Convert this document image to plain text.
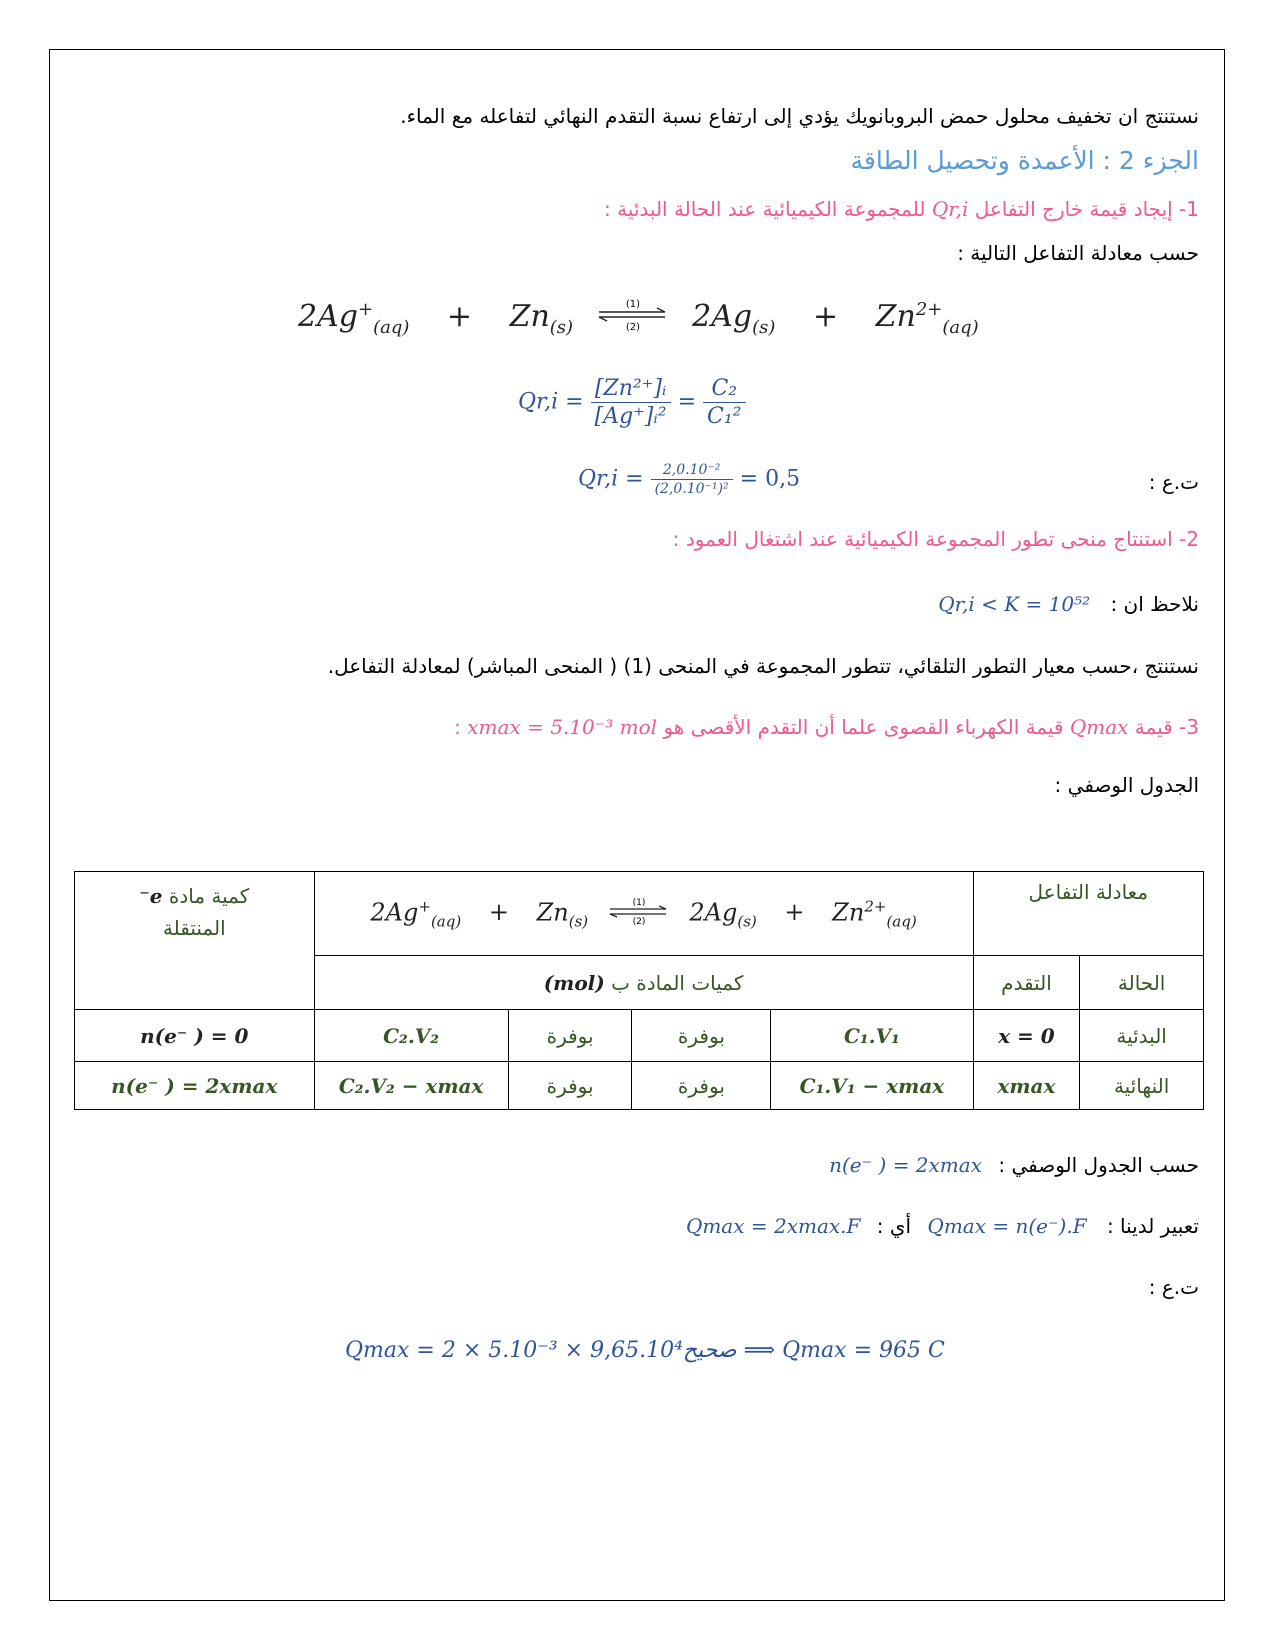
نستنتج ان تخفيف محلول حمض البروبانويك يؤدي إلى ارتفاع نسبة التقدم النهائي لتفاعله مع الماء.
الجزء 2 : الأعمدة وتحصيل الطاقة
1- إيجاد قيمة خارج التفاعل Qr,i للمجموعة الكيميائية عند الحالة البدئية :
حسب معادلة التفاعل التالية :
$2Ag^+_{(aq)} + Zn_{(s)}$
(1)
(2) $2Ag_{(s)} + Zn^{2+}_{(aq)}$
$Qr,i = \frac{\text{[Zn²⁺]ᵢ}}{\text{[Ag⁺]ᵢ²}} = \frac{\text{C₂}}{\text{C₁²}}$
ت.ع :
$Qr,i = \frac{\text{2,0.10⁻²}}{\text{(2,0.10⁻¹)²}} = 0,5$
2- استنتاج منحى تطور المجموعة الكيميائية عند اشتغال العمود :
نلاحظ ان : Qr,i < K = 10⁵²
نستنتج ،حسب معيار التطور التلقائي، تتطور المجموعة في المنحى (1) ( المنحى المباشر) لمعادلة التفاعل.
3- قيمة Qmax قيمة الكهرباء القصوى علما أن التقدم الأقصى هو xmax = 5.10⁻³ mol :
الجدول الوصفي :
معادلة التفاعل		$2Ag^+_{(aq)} + Zn_{(s)}$
(1)
(2) $2Ag_{(s)} + Zn^{2+}_{(aq)}$				كمية مادة e⁻
المنتقلة
الحالة	التقدم	كميات المادة ب (mol)				
البدئية	x = 0	C₁.V₁	بوفرة	بوفرة	C₂.V₂	n(e⁻ ) = 0
النهائية	xmax	C₁.V₁ − xmax	بوفرة	بوفرة	C₂.V₂ − xmax	n(e⁻ ) = 2xmax
حسب الجدول الوصفي : n(e⁻ ) = 2xmax
تعبير لدينا : Qmax = n(e⁻).F أي : Qmax = 2xmax.F
ت.ع :
Qmax = 2 × 5.10⁻³ × صحيح9,65.10⁴ ⟹ Qmax = 965 C
